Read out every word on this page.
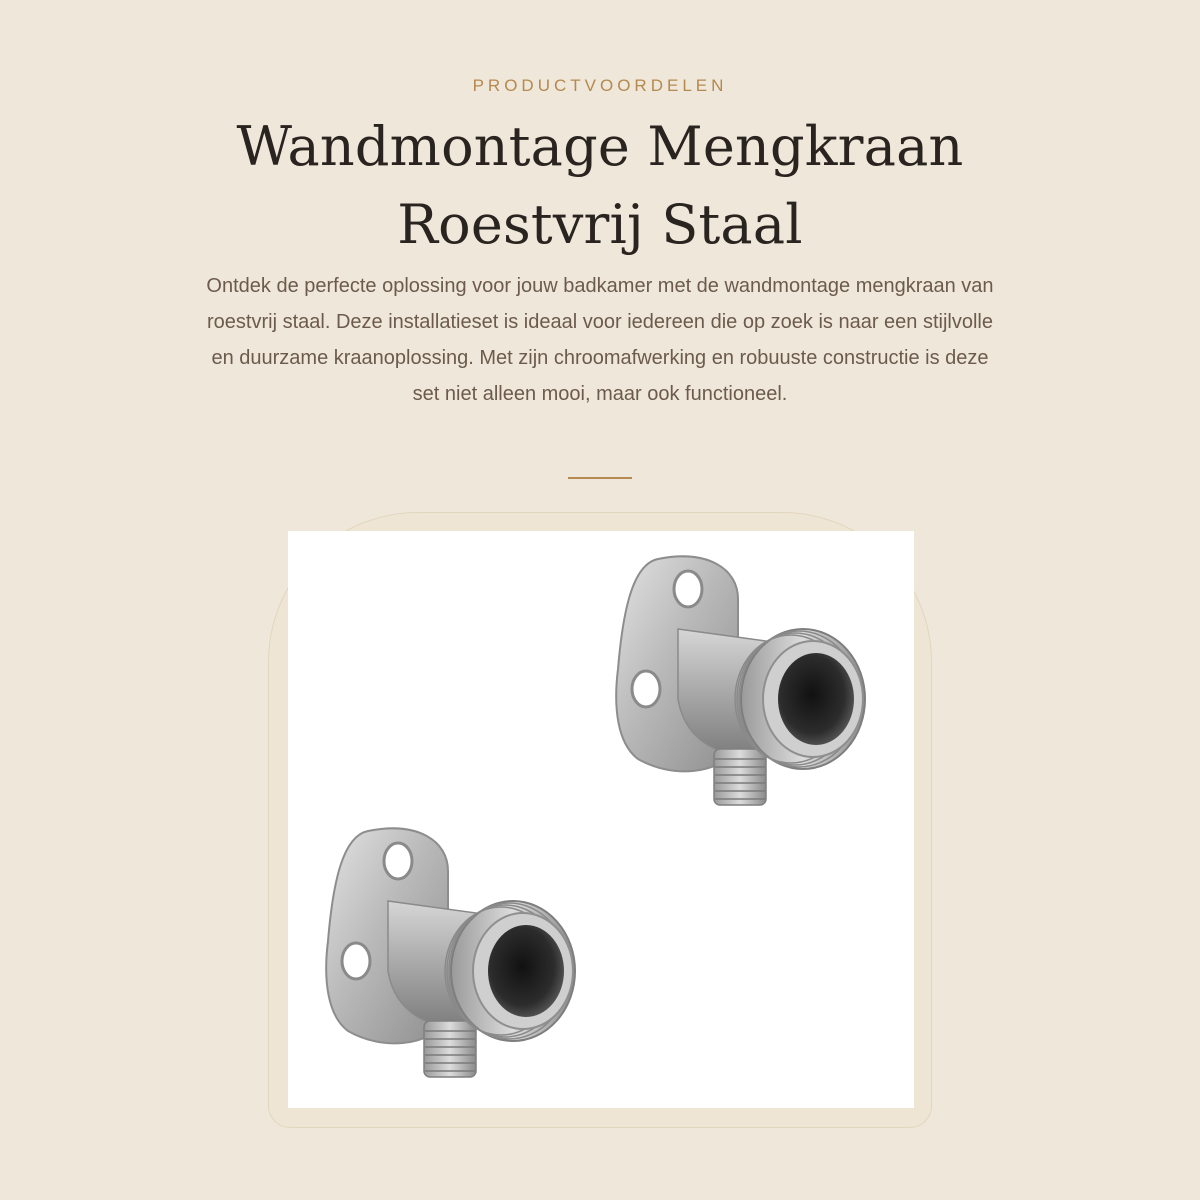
PRODUCTVOORDELEN
Wandmontage Mengkraan
Roestvrij Staal

Ontdek de perfecte oplossing voor jouw badkamer met de wandmontage mengkraan van roestvrij staal. Deze installatieset is ideaal voor iedereen die op zoek is naar een stijlvolle en duurzame kraanoplossing. Met zijn chroomafwerking en robuuste constructie is deze set niet alleen mooi, maar ook functioneel.
